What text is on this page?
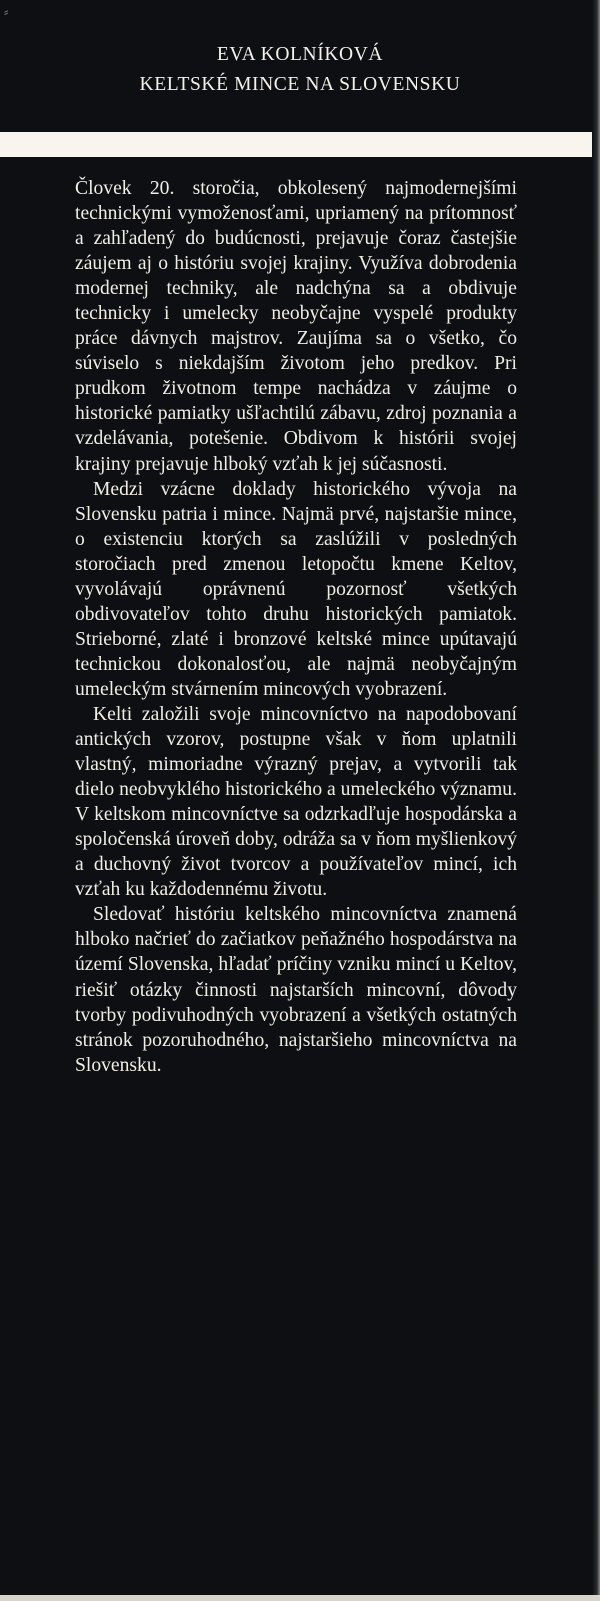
⸗
EVA KOLNÍKOVÁ
KELTSKÉ MINCE NA SLOVENSKU

Človek 20. storočia, obkolesený najmodernejšími technickými vymoženosťami, upriamený na prítomnosť a zahľadený do budúcnosti, prejavuje čoraz častejšie záujem aj o históriu svojej krajiny. Využíva dobrodenia modernej techniky, ale nadchýna sa a obdivuje technicky i umelecky neobyčajne vyspelé produkty práce dávnych majstrov. Zaujíma sa o všetko, čo súviselo s niekdajším životom jeho predkov. Pri prudkom životnom tempe nachádza v záujme o historické pamiatky ušľachtilú zábavu, zdroj poznania a vzdelávania, potešenie. Obdivom k histórii svojej krajiny prejavuje hlboký vzťah k jej súčasnosti.

Medzi vzácne doklady historického vývoja na Slovensku patria i mince. Najmä prvé, najstaršie mince, o existenciu ktorých sa zaslúžili v posledných storočiach pred zmenou letopočtu kmene Keltov, vyvolávajú oprávnenú pozornosť všetkých obdivovateľov tohto druhu historických pamiatok. Strieborné, zlaté i bronzové keltské mince upútavajú technickou dokonalosťou, ale najmä neobyčajným umeleckým stvárnením mincových vyobrazení.

Kelti založili svoje mincovníctvo na napodobovaní antických vzorov, postupne však v ňom uplatnili vlastný, mimoriadne výrazný prejav, a vytvorili tak dielo neobvyklého historického a umeleckého významu. V keltskom mincovníctve sa odzrkadľuje hospodárska a spoločenská úroveň doby, odráža sa v ňom myšlienkový a duchovný život tvorcov a používateľov mincí, ich vzťah ku každodennému životu.

Sledovať históriu keltského mincovníctva znamená hlboko načrieť do začiatkov peňažného hospodárstva na území Slovenska, hľadať príčiny vzniku mincí u Keltov, riešiť otázky činnosti najstarších mincovní, dôvody tvorby podivuhodných vyobrazení a všetkých ostatných stránok pozoruhodného, najstaršieho mincovníctva na Slovensku.
